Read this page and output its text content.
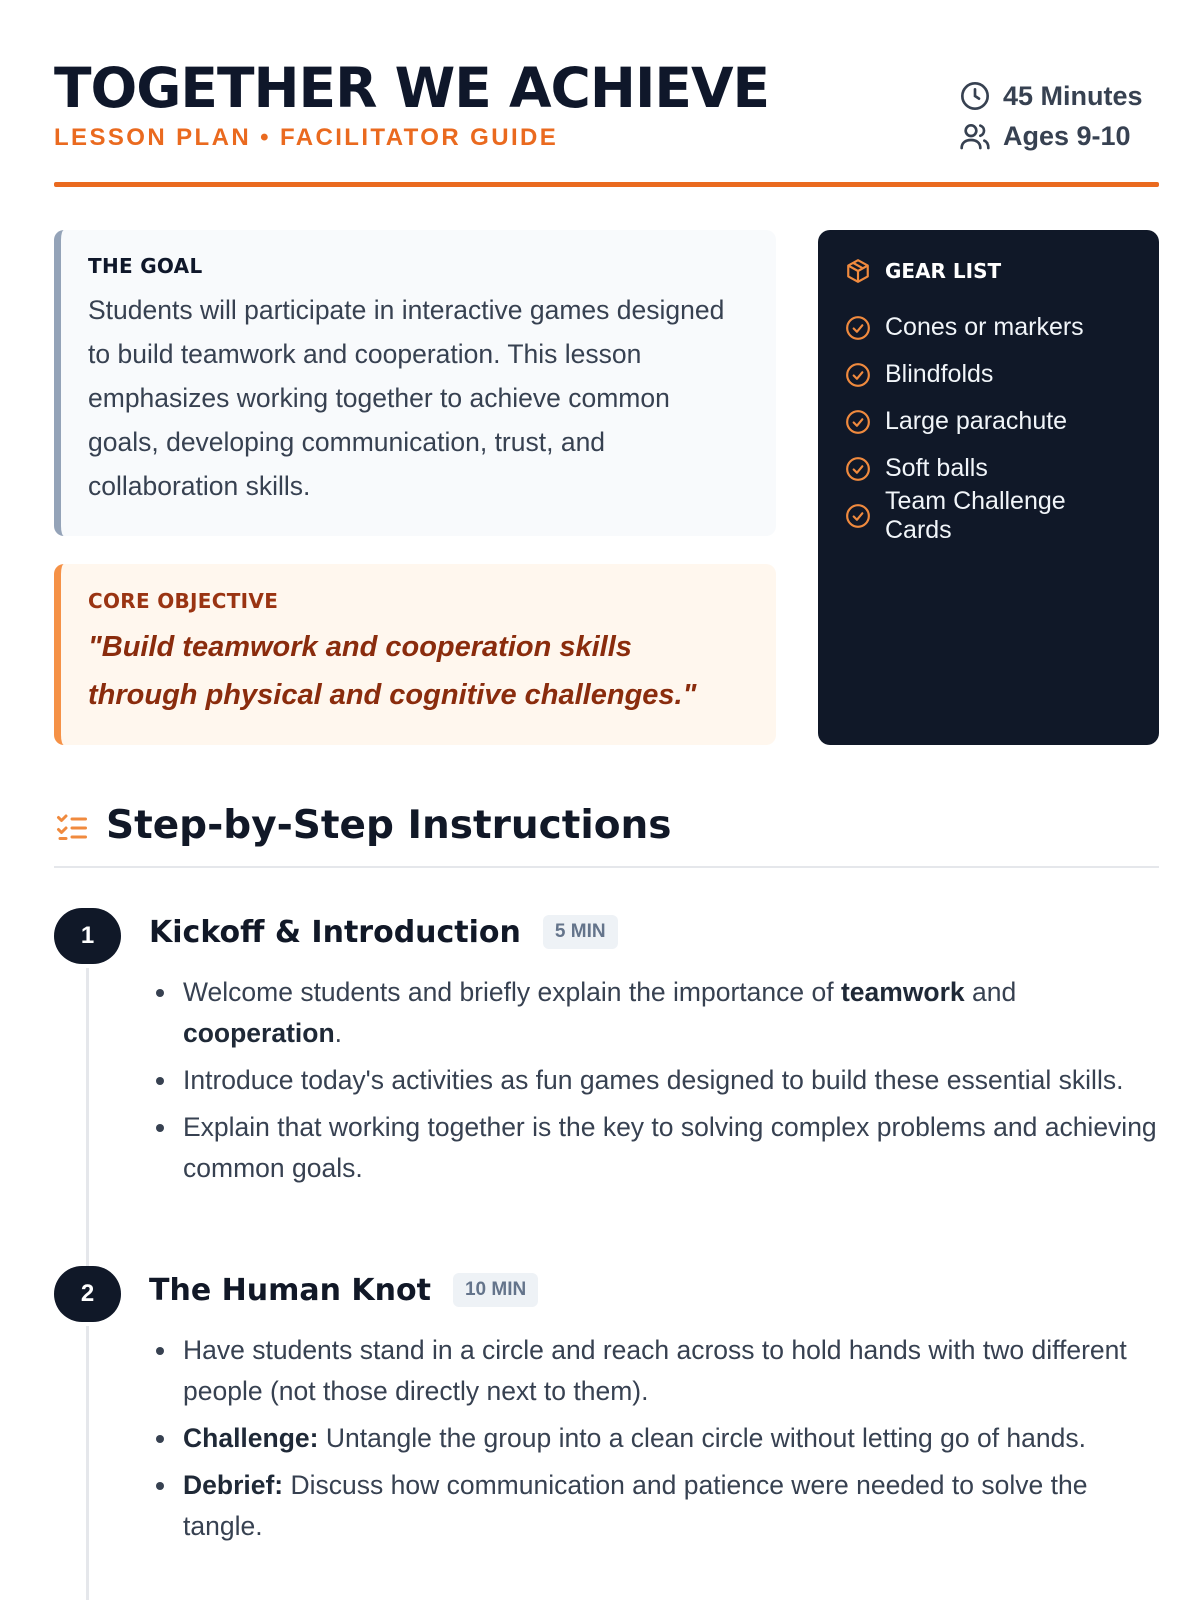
TOGETHER WE ACHIEVE
LESSON PLAN • FACILITATOR GUIDE
45 Minutes
Ages 9-10
THE GOAL
Students will participate in interactive games designed to build teamwork and cooperation. This lesson emphasizes working together to achieve common goals, developing communication, trust, and collaboration skills.
CORE OBJECTIVE
"Build teamwork and cooperation skills through physical and cognitive challenges."
GEAR LIST
Cones or markers
Blindfolds
Large parachute
Soft balls
Team Challenge Cards
Step-by-Step Instructions
1	Kickoff & Introduction	5 MIN
Welcome students and briefly explain the importance of teamwork and cooperation.
Introduce today's activities as fun games designed to build these essential skills.
Explain that working together is the key to solving complex problems and achieving common goals.
2	The Human Knot	10 MIN
Have students stand in a circle and reach across to hold hands with two different people (not those directly next to them).
Challenge: Untangle the group into a clean circle without letting go of hands.
Debrief: Discuss how communication and patience were needed to solve the tangle.
